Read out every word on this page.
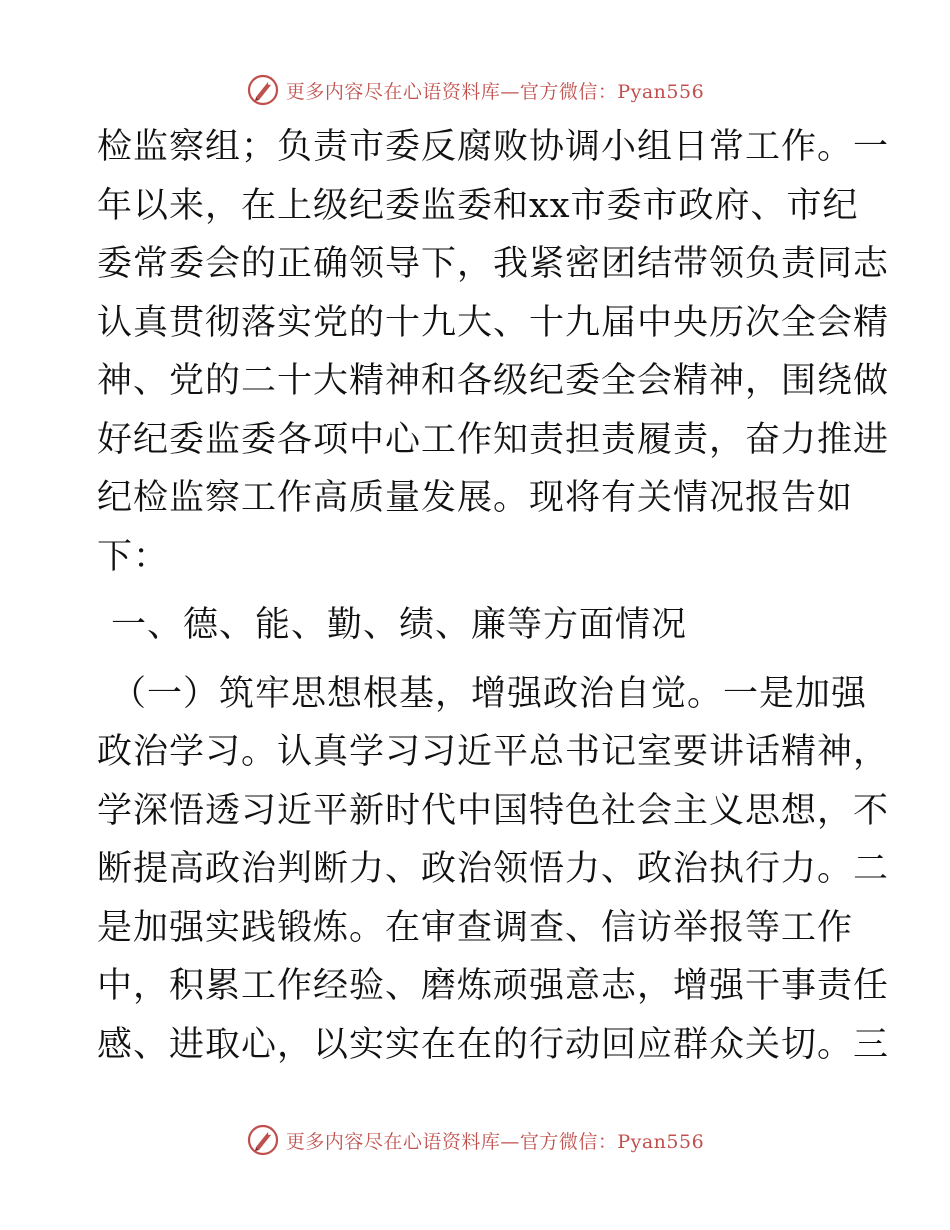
更多内容尽在心语资料库—官方微信：Pyan556
检监察组；负责市委反腐败协调小组日常工作。一
年以来，在上级纪委监委和xx市委市政府、市纪
委常委会的正确领导下，我紧密团结带领负责同志
认真贯彻落实党的十九大、十九届中央历次全会精
神、党的二十大精神和各级纪委全会精神，围绕做
好纪委监委各项中心工作知责担责履责，奋力推进
纪检监察工作高质量发展。现将有关情况报告如
下：
一、德、能、勤、绩、廉等方面情况
（一）筑牢思想根基，增强政治自觉。一是加强
政治学习。认真学习习近平总书记室要讲话精神，
学深悟透习近平新时代中国特色社会主义思想，不
断提高政治判断力、政治领悟力、政治执行力。二
是加强实践锻炼。在审查调查、信访举报等工作
中，积累工作经验、磨炼顽强意志，增强干事责任
感、进取心，以实实在在的行动回应群众关切。三
更多内容尽在心语资料库—官方微信：Pyan556
